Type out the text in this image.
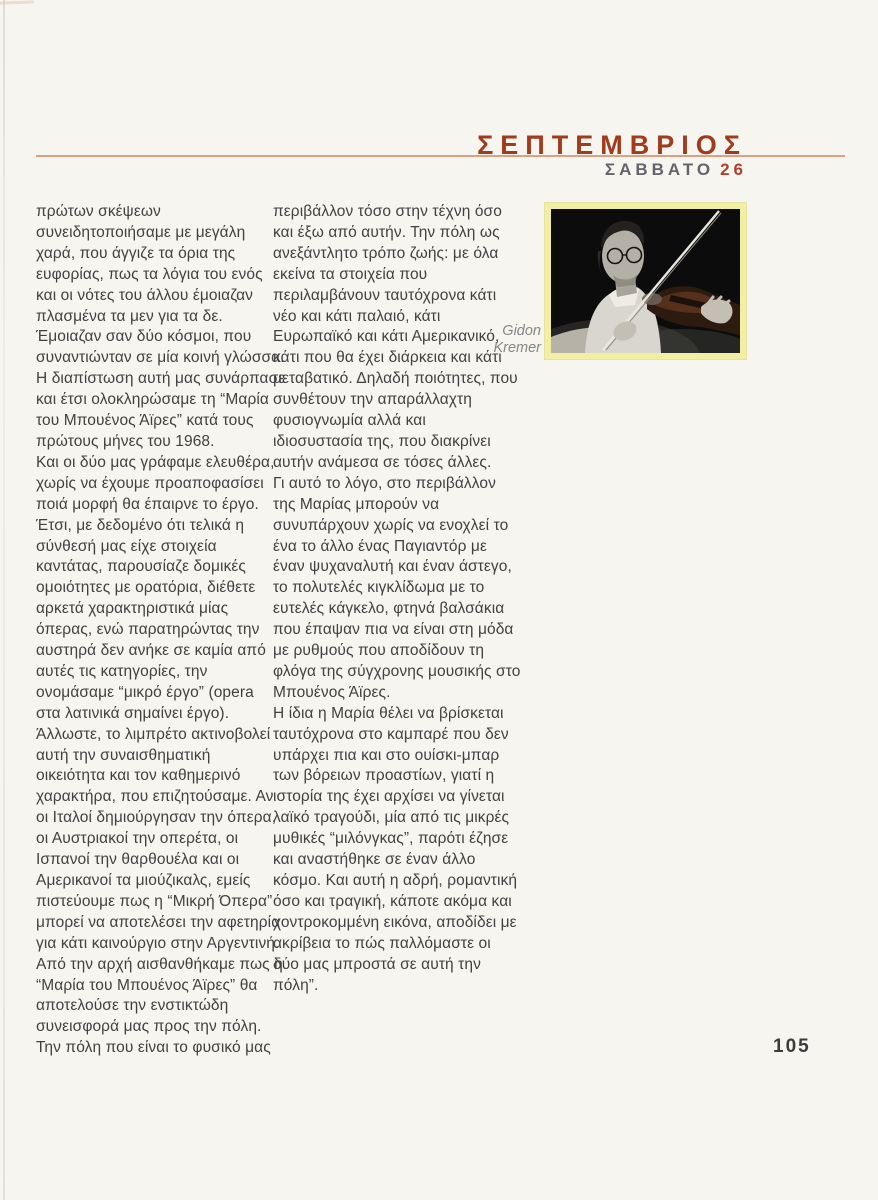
ΣΕΠΤΕΜΒΡΙΟΣ
ΣΑΒΒΑΤΟ 26
Gidon
Kremer
πρώτων σκέψεων
συνειδητοποιήσαμε με μεγάλη
χαρά, που άγγιζε τα όρια της
ευφορίας, πως τα λόγια του ενός
και οι νότες του άλλου έμοιαζαν
πλασμένα τα μεν για τα δε.
Έμοιαζαν σαν δύο κόσμοι, που
συναντιώνταν σε μία κοινή γλώσσα.
Η διαπίστωση αυτή μας συνάρπασε
και έτσι ολοκληρώσαμε τη “Μαρία
του Μπουένος Άϊρες” κατά τους
πρώτους μήνες του 1968.
Και οι δύο μας γράφαμε ελευθέρα,
χωρίς να έχουμε προαποφασίσει
ποιά μορφή θα έπαιρνε το έργο.
Έτσι, με δεδομένο ότι τελικά η
σύνθεσή μας είχε στοιχεία
καντάτας, παρουσίαζε δομικές
ομοιότητες με ορατόρια, διέθετε
αρκετά χαρακτηριστικά μίας
όπερας, ενώ παρατηρώντας την
αυστηρά δεν ανήκε σε καμία από
αυτές τις κατηγορίες, την
ονομάσαμε “μικρό έργο” (opera
στα λατινικά σημαίνει έργο).
Άλλωστε, το λιμπρέτο ακτινοβολεί
αυτή την συναισθηματική
οικειότητα και τον καθημερινό
χαρακτήρα, που επιζητούσαμε. Αν
οι Ιταλοί δημιούργησαν την όπερα,
οι Αυστριακοί την οπερέτα, οι
Ισπανοί την θαρθουέλα και οι
Αμερικανοί τα μιούζικαλς, εμείς
πιστεύουμε πως η “Μικρή Όπερα”
μπορεί να αποτελέσει την αφετηρία
για κάτι καινούργιο στην Αργεντινή.
Από την αρχή αισθανθήκαμε πως η
“Μαρία του Μπουένος Άϊρες” θα
αποτελούσε την ενστικτώδη
συνεισφορά μας προς την πόλη.
Την πόλη που είναι το φυσικό μας
περιβάλλον τόσο στην τέχνη όσο
και έξω από αυτήν. Την πόλη ως
ανεξάντλητο τρόπο ζωής: με όλα
εκείνα τα στοιχεία που
περιλαμβάνουν ταυτόχρονα κάτι
νέο και κάτι παλαιό, κάτι
Ευρωπαϊκό και κάτι Αμερικανικό,
κάτι που θα έχει διάρκεια και κάτι
μεταβατικό. Δηλαδή ποιότητες, που
συνθέτουν την απαράλλαχτη
φυσιογνωμία αλλά και
ιδιοσυστασία της, που διακρίνει
αυτήν ανάμεσα σε τόσες άλλες.
Γι αυτό το λόγο, στο περιβάλλον
της Μαρίας μπορούν να
συνυπάρχουν χωρίς να ενοχλεί το
ένα το άλλο ένας Παγιαντόρ με
έναν ψυχαναλυτή και έναν άστεγο,
το πολυτελές κιγκλίδωμα με το
ευτελές κάγκελο, φτηνά βαλσάκια
που έπαψαν πια να είναι στη μόδα
με ρυθμούς που αποδίδουν τη
φλόγα της σύγχρονης μουσικής στο
Μπουένος Άϊρες.
Η ίδια η Μαρία θέλει να βρίσκεται
ταυτόχρονα στο καμπαρέ που δεν
υπάρχει πια και στο ουίσκι-μπαρ
των βόρειων προαστίων, γιατί η
ιστορία της έχει αρχίσει να γίνεται
λαϊκό τραγούδι, μία από τις μικρές
μυθικές “μιλόνγκας”, παρότι έζησε
και αναστήθηκε σε έναν άλλο
κόσμο. Και αυτή η αδρή, ρομαντική
όσο και τραγική, κάποτε ακόμα και
χοντροκομμένη εικόνα, αποδίδει με
ακρίβεια το πώς παλλόμαστε οι
δύο μας μπροστά σε αυτή την
πόλη”.
105
